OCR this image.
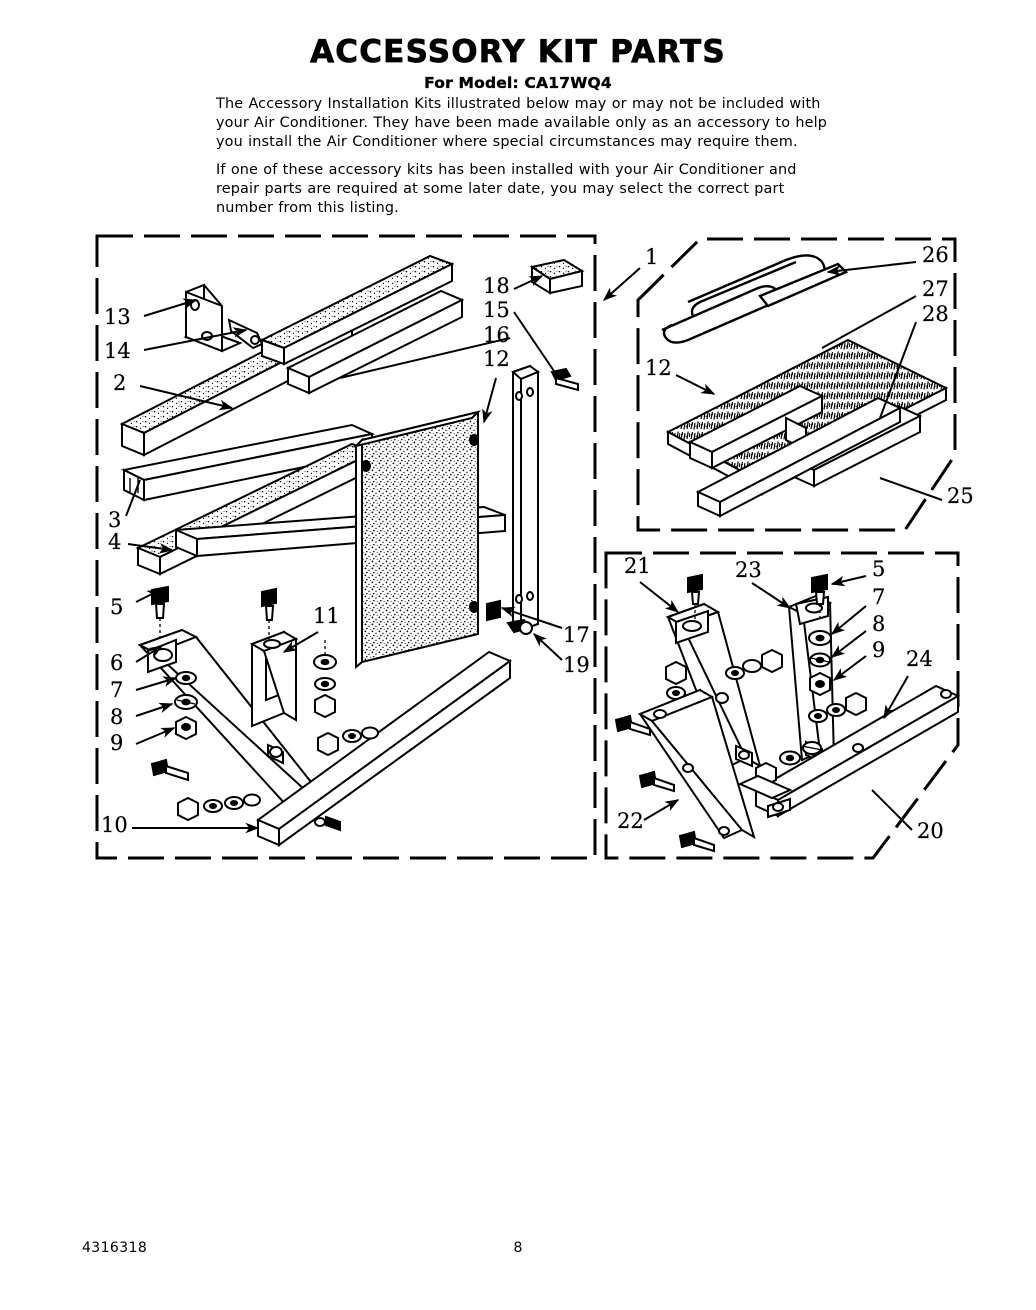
ACCESSORY KIT PARTS
For Model: CA17WQ4

The Accessory Installation Kits illustrated below may or may not be included with your Air Conditioner. They have been made available only as an accessory to help you install the Air Conditioner where special circumstances may require them.

If one of these accessory kits has been installed with your Air Conditioner and repair parts are required at some later date, you may select the correct part number from this listing.

13
14
2
3
4
5
6
7
8
9
10
11
18
15
16
12
17
19
1	26
27
28
12
25
21	23	5
7
8
9 24
22	20
4316318	8
